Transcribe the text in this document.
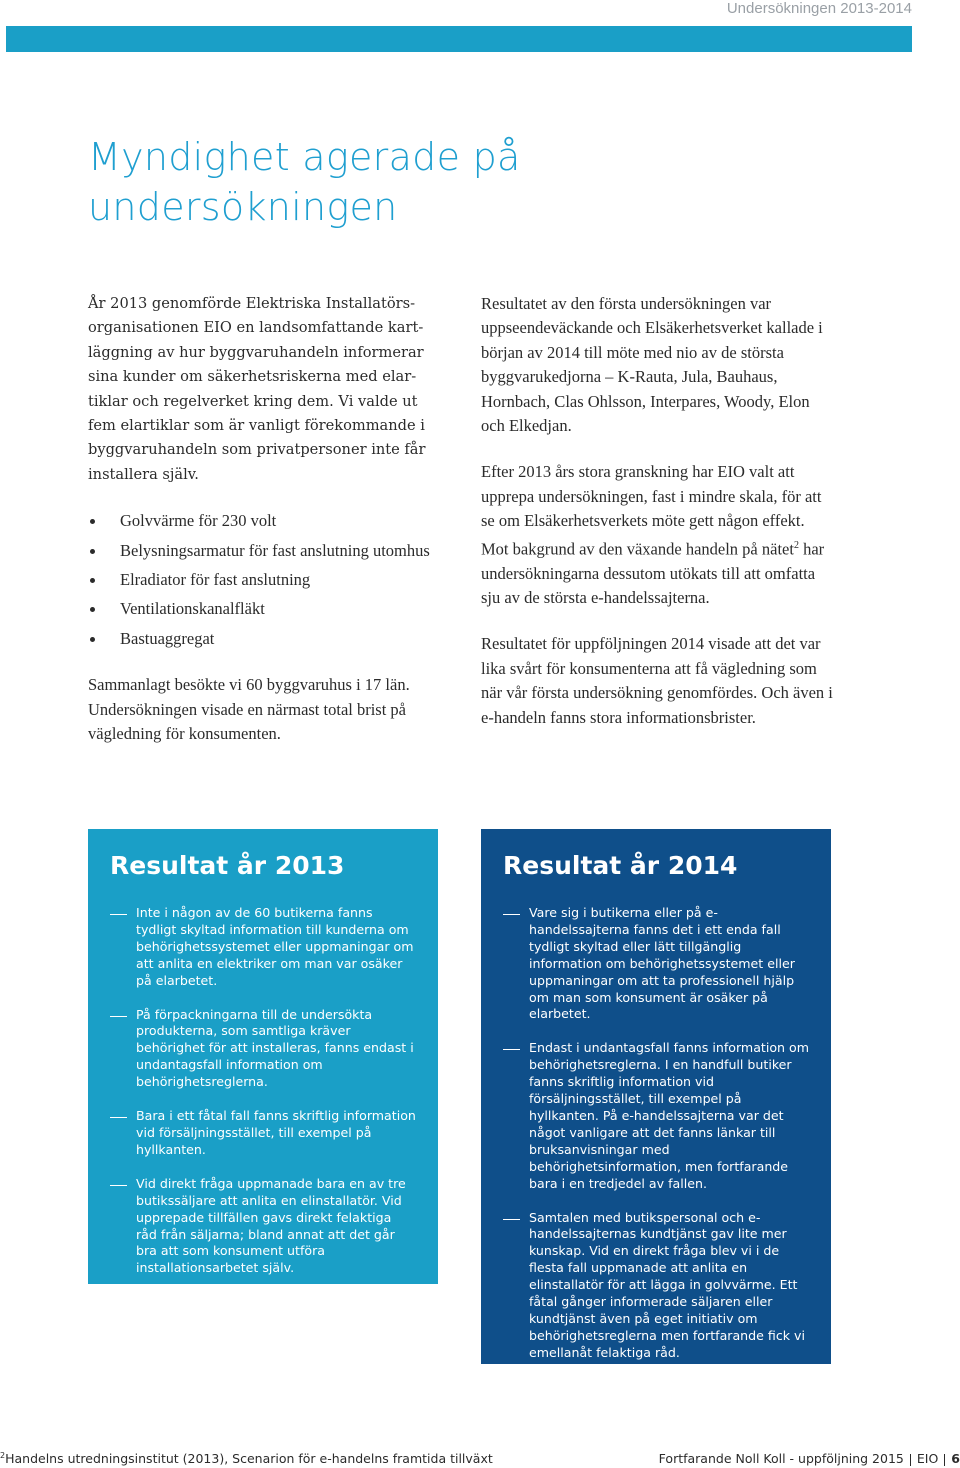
Undersökningen 2013-2014
Myndighet agerade på undersökningen

År 2013 genomförde Elektriska Installatörsorganisationen EIO en landsomfattande kartläggning av hur byggvaruhandeln informerar sina kunder om säkerhetsriskerna med elartiklar och regelverket kring dem. Vi valde ut fem elartiklar som är vanligt förekommande i byggvaruhandeln som privatpersoner inte får installera själv.

Golvvärme för 230 volt
Belysningsarmatur för fast anslutning utomhus
Elradiator för fast anslutning
Ventilationskanalfläkt
Bastuaggregat

Sammanlagt besökte vi 60 byggvaruhus i 17 län. Undersökningen visade en närmast total brist på vägledning för konsumenten.

Resultatet av den första undersökningen var uppseendeväckande och Elsäkerhetsverket kallade i början av 2014 till möte med nio av de största byggvarukedjorna – K-Rauta, Jula, Bauhaus, Hornbach, Clas Ohlsson, Interpares, Woody, Elon och Elkedjan.

Efter 2013 års stora granskning har EIO valt att upprepa undersökningen, fast i mindre skala, för att se om Elsäkerhetsverkets möte gett någon effekt. Mot bakgrund av den växande handeln på nätet$^2$ har undersökningarna dessutom utökats till att omfatta sju av de största e-handelssajterna.

Resultatet för uppföljningen 2014 visade att det var lika svårt för konsumenterna att få vägledning som när vår första undersökning genomfördes. Och även i e-handeln fanns stora informationsbrister.

Resultat år 2013
Inte i någon av de 60 butikerna fanns tydligt skyltad information till kunderna om behörighetssystemet eller uppmaningar om att anlita en elektriker om man var osäker på elarbetet.
På förpackningarna till de undersökta produkterna, som samtliga kräver behörighet för att installeras, fanns endast i undantagsfall information om behörighetsreglerna.
Bara i ett fåtal fall fanns skriftlig information vid försäljningsstället, till exempel på hyllkanten.
Vid direkt fråga uppmanade bara en av tre butikssäljare att anlita en elinstallatör. Vid upprepade tillfällen gavs direkt felaktiga råd från säljarna; bland annat att det går bra att som konsument utföra installationsarbetet själv.
Resultat år 2014
Vare sig i butikerna eller på e-handelssajterna fanns det i ett enda fall tydligt skyltad eller lätt tillgänglig information om behörighetssystemet eller uppmaningar om att ta professionell hjälp om man som konsument är osäker på elarbetet.
Endast i undantagsfall fanns information om behörighetsreglerna. I en handfull butiker fanns skriftlig information vid försäljningsstället, till exempel på hyllkanten. På e-handelssajterna var det något vanligare att det fanns länkar till bruksanvisningar med behörighetsinformation, men fortfarande bara i en tredjedel av fallen.
Samtalen med butikspersonal och e-handelssajternas kundtjänst gav lite mer kunskap. Vid en direkt fråga blev vi i de flesta fall uppmanade att anlita en elinstallatör för att lägga in golvvärme. Ett fåtal gånger informerade säljaren eller kundtjänst även på eget initiativ om behörighetsreglerna men fortfarande fick vi emellanåt felaktiga råd.
$^2$Handelns utredningsinstitut (2013), Scenarion för e-handelns framtida tillväxt	Fortfarande Noll Koll - uppföljning 2015 EIO 6
